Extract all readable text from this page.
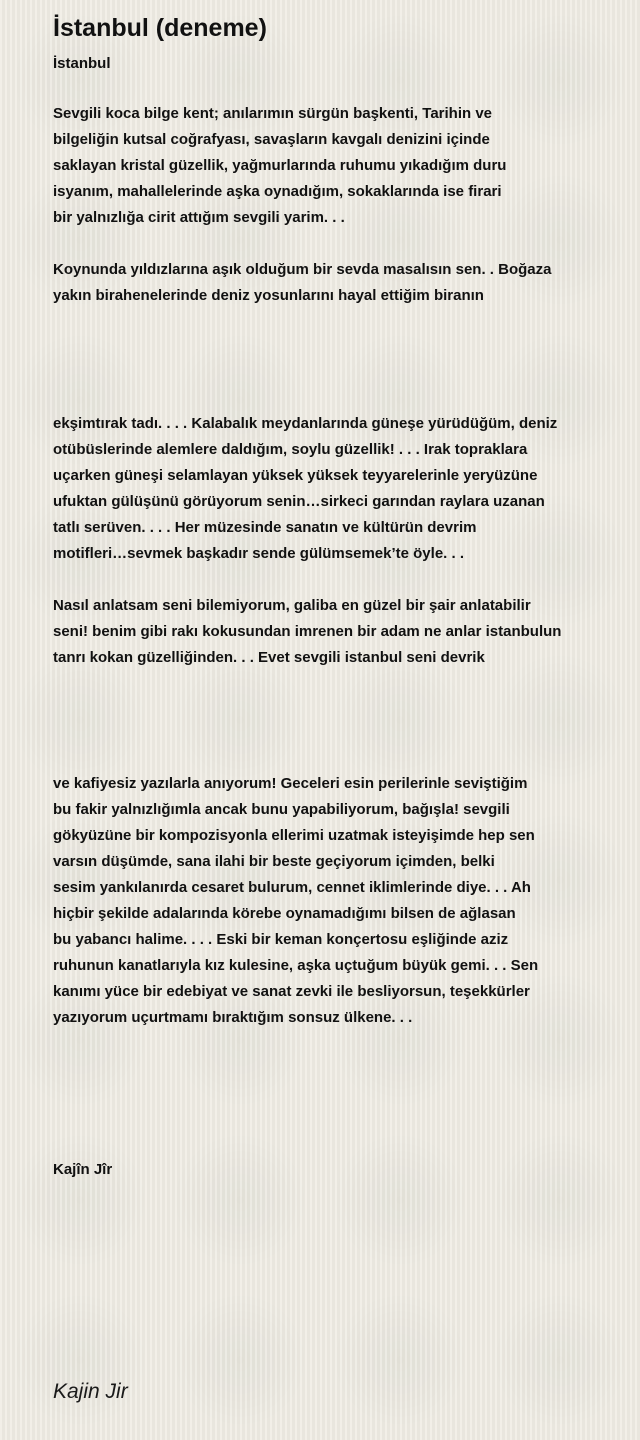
İstanbul (deneme)
İstanbul
Sevgili koca bilge kent; anılarımın sürgün başkenti, Tarihin ve
bilgeliğin kutsal coğrafyası, savaşların kavgalı denizini içinde
saklayan kristal güzellik, yağmurlarında ruhumu yıkadığım duru
isyanım, mahallelerinde aşka oynadığım, sokaklarında ise firari
bir yalnızlığa cirit attığım sevgili yarim. . .
Koynunda yıldızlarına aşık olduğum bir sevda masalısın sen. . Boğaza
yakın birahenelerinde deniz yosunlarını hayal ettiğim biranın
ekşimtırak tadı. . . . Kalabalık meydanlarında güneşe yürüdüğüm, deniz
otübüslerinde alemlere daldığım, soylu güzellik! . . . Irak topraklara
uçarken güneşi selamlayan yüksek yüksek teyyarelerinle yeryüzüne
ufuktan gülüşünü görüyorum senin…sirkeci garından raylara uzanan
tatlı serüven. . . . Her müzesinde sanatın ve kültürün devrim
motifleri…sevmek başkadır sende gülümsemek’te öyle. . .
Nasıl anlatsam seni bilemiyorum, galiba en güzel bir şair anlatabilir
seni! benim gibi rakı kokusundan imrenen bir adam ne anlar istanbulun
tanrı kokan güzelliğinden. . . Evet sevgili istanbul seni devrik
ve kafiyesiz yazılarla anıyorum! Geceleri esin perilerinle seviştiğim
bu fakir yalnızlığımla ancak bunu yapabiliyorum, bağışla! sevgili
gökyüzüne bir kompozisyonla ellerimi uzatmak isteyişimde hep sen
varsın düşümde, sana ilahi bir beste geçiyorum içimden, belki
sesim yankılanırda cesaret bulurum, cennet iklimlerinde diye. . . Ah
hiçbir şekilde adalarında körebe oynamadığımı bilsen de ağlasan
bu yabancı halime. . . . Eski bir keman konçertosu eşliğinde aziz
ruhunun kanatlarıyla kız kulesine, aşka uçtuğum büyük gemi. . . Sen
kanımı yüce bir edebiyat ve sanat zevki ile besliyorsun, teşekkürler
yazıyorum uçurtmamı bıraktığım sonsuz ülkene. . .
Kajîn Jîr
Kajin Jir
